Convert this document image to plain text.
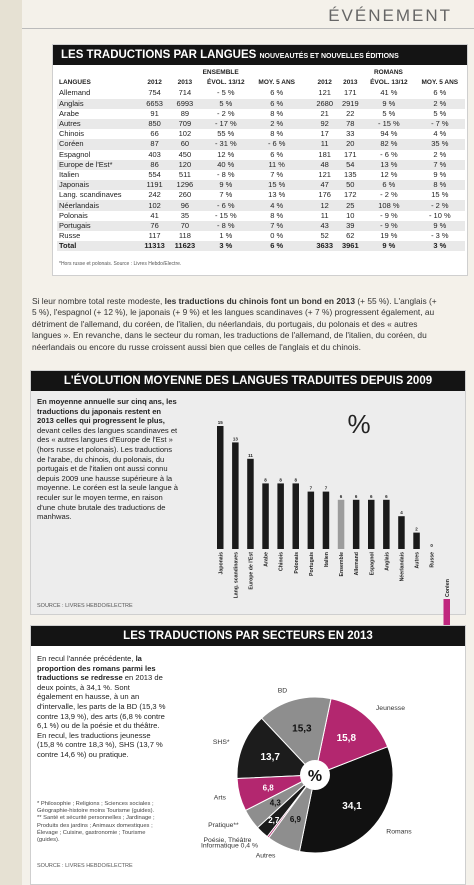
ÉVÉNEMENT
LES TRADUCTIONS PAR LANGUES NOUVEAUTÉS ET NOUVELLES ÉDITIONS
	ENSEMBLE					ROMANS			
LANGUES	2012	2013	ÉVOL. 13/12	MOY. 5 ANS		2012	2013	ÉVOL. 13/12	MOY. 5 ANS
Allemand	754	714	- 5 %	6 %		121	171	41 %	6 %
Anglais	6653	6993	5 %	6 %		2680	2919	9 %	2 %
Arabe	91	89	- 2 %	8 %		21	22	5 %	5 %
Autres	850	709	- 17 %	2 %		92	78	- 15 %	- 7 %
Chinois	66	102	55 %	8 %		17	33	94 %	4 %
Coréen	87	60	- 31 %	- 6 %		11	20	82 %	35 %
Espagnol	403	450	12 %	6 %		181	171	- 6 %	2 %
Europe de l'Est*	86	120	40 %	11 %		48	54	13 %	7 %
Italien	554	511	- 8 %	7 %		121	135	12 %	9 %
Japonais	1191	1296	9 %	15 %		47	50	6 %	8 %
Lang. scandinaves	242	260	7 %	13 %		176	172	- 2 %	15 %
Néerlandais	102	96	- 6 %	4 %		12	25	108 %	- 2 %
Polonais	41	35	- 15 %	8 %		11	10	- 9 %	- 10 %
Portugais	76	70	- 8 %	7 %		43	39	- 9 %	9 %
Russe	117	118	1 %	0 %		52	62	19 %	- 3 %
Total	11313	11623	3 %	6 %		3633	3961	9 %	3 %
*Hors russe et polonais. Source : Livres Hebdo/Electre.
Si leur nombre total reste modeste, les traductions du chinois font un bond en 2013 (+ 55 %). L'anglais (+ 5 %), l'espagnol (+ 12 %), le japonais (+ 9 %) et les langues scandinaves (+ 7 %) progressent également, au détriment de l'allemand, du coréen, de l'italien, du néerlandais, du portugais, du polonais et des « autres langues ». En revanche, dans le secteur du roman, les traductions de l'allemand, de l'italien, du coréen, du néerlandais ou encore du russe croissent aussi bien que celles de l'anglais et du chinois.
L'ÉVOLUTION MOYENNE DES LANGUES TRADUITES DEPUIS 2009
En moyenne annuelle sur cinq ans, les traductions du japonais restent en 2013 celles qui progressent le plus, devant celles des langues scandinaves et des « autres langues d'Europe de l'Est » (hors russe et polonais). Les traductions de l'arabe, du chinois, du polonais, du portugais et de l'italien ont aussi connu depuis 2009 une hausse supérieure à la moyenne. Le coréen est la seule langue à reculer sur le moyen terme, en raison d'une chute brutale des traductions de manhwas.
%
15
Japonais
13
Lang. scandinaves
11
Europe de l'Est
8
Arabe
8
Chinois
8
Polonais
7
Portugais
7
Italien
6
Ensemble
6
Allemand
6
Espagnol
6
Anglais
4
Néerlandais
2
Autres
0
Russe
Coréen
SOURCE : LIVRES HEBDO/ELECTRE
LES TRADUCTIONS PAR SECTEURS EN 2013
En recul l'année précédente, la proportion des romans parmi les traductions se redresse en 2013 de deux points, à 34,1 %. Sont également en hausse, à un an d'intervalle, les parts de la BD (15,3 % contre 13,9 %), des arts (6,8 % contre 6,1 %) ou de la poésie et du théâtre. En recul, les traductions jeunesse (15,8 % contre 18,3 %), SHS (13,7 % contre 14,6 %) ou pratique.
* Philosophie ; Religions ; Sciences sociales ; Géographie-histoire moins Tourisme (guides).
** Santé et sécurité personnelles ; Jardinage ; Produits des jardins ; Animaux domestiques ; Élevage ; Cuisine, gastronomie ; Tourisme (guides).
34,1
Romans
15,8
Jeunesse
15,3
BD
13,7
SHS*
6,8
Arts
4,3
Pratique**
2,7
Poésie, Théâtre
Informatique 0,4 %
6,9
Autres
%
SOURCE : LIVRES HEBDO/ELECTRE
